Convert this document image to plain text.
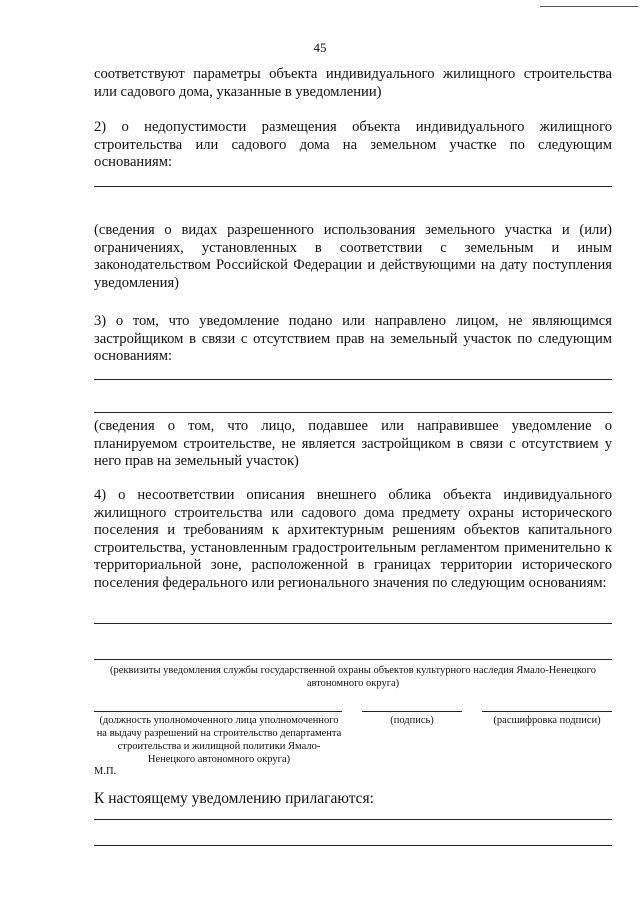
45
соответствуют параметры объекта индивидуального жилищного строительства или садового дома, указанные в уведомлении)
2) о недопустимости размещения объекта индивидуального жилищного строительства или садового дома на земельном участке по следующим основаниям:
(сведения о видах разрешенного использования земельного участка и (или) ограничениях, установленных в соответствии с земельным и иным законодательством Российской Федерации и действующими на дату поступления уведомления)
3) о том, что уведомление подано или направлено лицом, не являющимся застройщиком в связи с отсутствием прав на земельный участок по следующим основаниям:
(сведения о том, что лицо, подавшее или направившее уведомление о планируемом строительстве, не является застройщиком в связи с отсутствием у него прав на земельный участок)
4) о несоответствии описания внешнего облика объекта индивидуального жилищного строительства или садового дома предмету охраны исторического поселения и требованиям к архитектурным решениям объектов капитального строительства, установленным градостроительным регламентом применительно к территориальной зоне, расположенной в границах территории исторического поселения федерального или регионального значения по следующим основаниям:
(реквизиты уведомления службы государственной охраны объектов культурного наследия Ямало-Ненецкого автономного округа)
(должность уполномоченного лица уполномоченного на выдачу разрешений на строительство департамента строительства и жилищной политики Ямало-Ненецкого автономного округа)
(подпись)	(расшифровка подписи)
М.П.
К настоящему уведомлению прилагаются:
